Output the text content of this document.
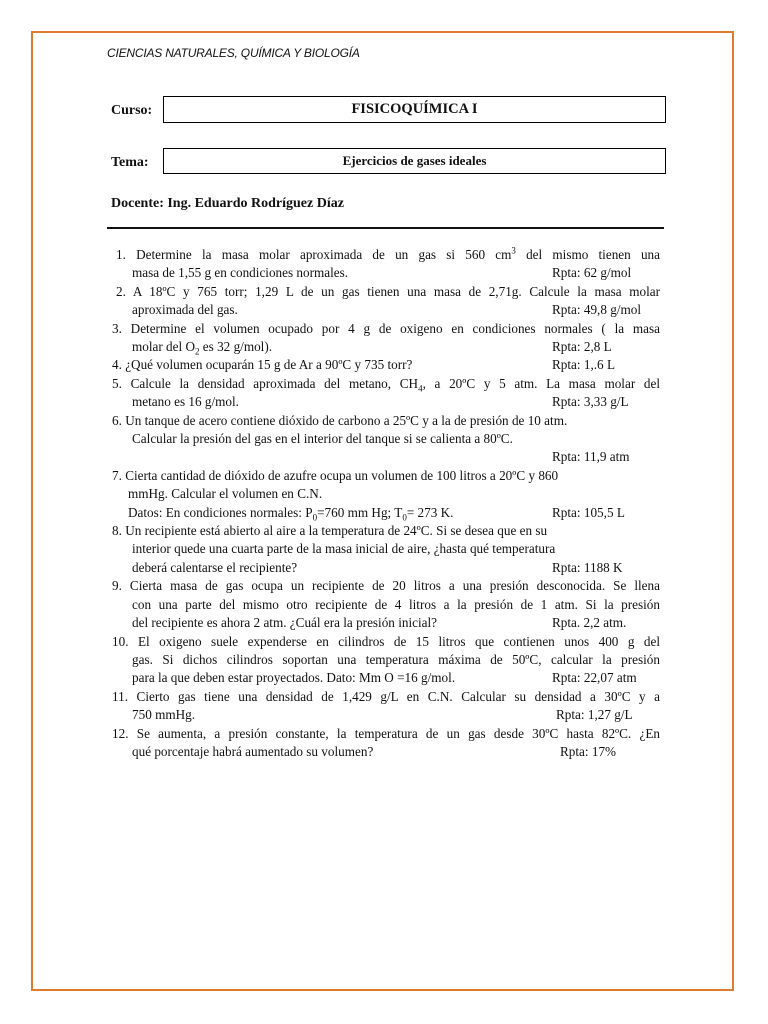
CIENCIAS NATURALES, QUÍMICA Y BIOLOGÍA
Curso:	FISICOQUÍMICA I
Tema:	Ejercicios de gases ideales
Docente: Ing. Eduardo Rodríguez Díaz
1. Determine la masa molar aproximada de un gas si 560 $cm^3$ del mismo tienen una
masa de 1,55 g en condiciones normales.	Rpta: 62 g/mol
2. A 18ºC y 765 torr; 1,29 L de un gas tienen una masa de 2,71g. Calcule la masa molar
aproximada del gas.	Rpta: 49,8 g/mol
3. Determine el volumen ocupado por 4 g de oxigeno en condiciones normales ( la masa
molar del $O_2$ es 32 g/mol).	Rpta: 2,8 L
4. ¿Qué volumen ocuparán 15 g de Ar a 90ºC y 735 torr?	Rpta: 1,.6 L
5. Calcule la densidad aproximada del metano, $CH_4$, a 20ºC y 5 atm. La masa molar del
metano es 16 g/mol.	Rpta: 3,33 g/L
6. Un tanque de acero contiene dióxido de carbono a 25ºC y a la de presión de 10 atm.
Calcular la presión del gas en el interior del tanque si se calienta a 80ºC.
Rpta: 11,9 atm
7. Cierta cantidad de dióxido de azufre ocupa un volumen de 100 litros a 20ºC y 860
mmHg. Calcular el volumen en C.N.
Datos: En condiciones normales: $P_0=760$ mm Hg; $T_0= 273$ K.	Rpta: 105,5 L
8. Un recipiente está abierto al aire a la temperatura de 24ºC. Si se desea que en su
interior quede una cuarta parte de la masa inicial de aire, ¿hasta qué temperatura
deberá calentarse el recipiente?	Rpta: 1188 K
9. Cierta masa de gas ocupa un recipiente de 20 litros a una presión desconocida. Se llena
con una parte del mismo otro recipiente de 4 litros a la presión de 1 atm. Si la presión
del recipiente es ahora 2 atm. ¿Cuál era la presión inicial?	Rpta. 2,2 atm.
10. El oxigeno suele expenderse en cilindros de 15 litros que contienen unos 400 g del
gas. Si dichos cilindros soportan una temperatura máxima de 50ºC, calcular la presión
para la que deben estar proyectados. Dato: Mm O =16 g/mol.	Rpta: 22,07 atm
11. Cierto gas tiene una densidad de 1,429 g/L en C.N. Calcular su densidad a 30ºC y a
750 mmHg.	Rpta: 1,27 g/L
12. Se aumenta, a presión constante, la temperatura de un gas desde 30ºC hasta 82ºC. ¿En
qué porcentaje habrá aumentado su volumen?	Rpta: 17%
